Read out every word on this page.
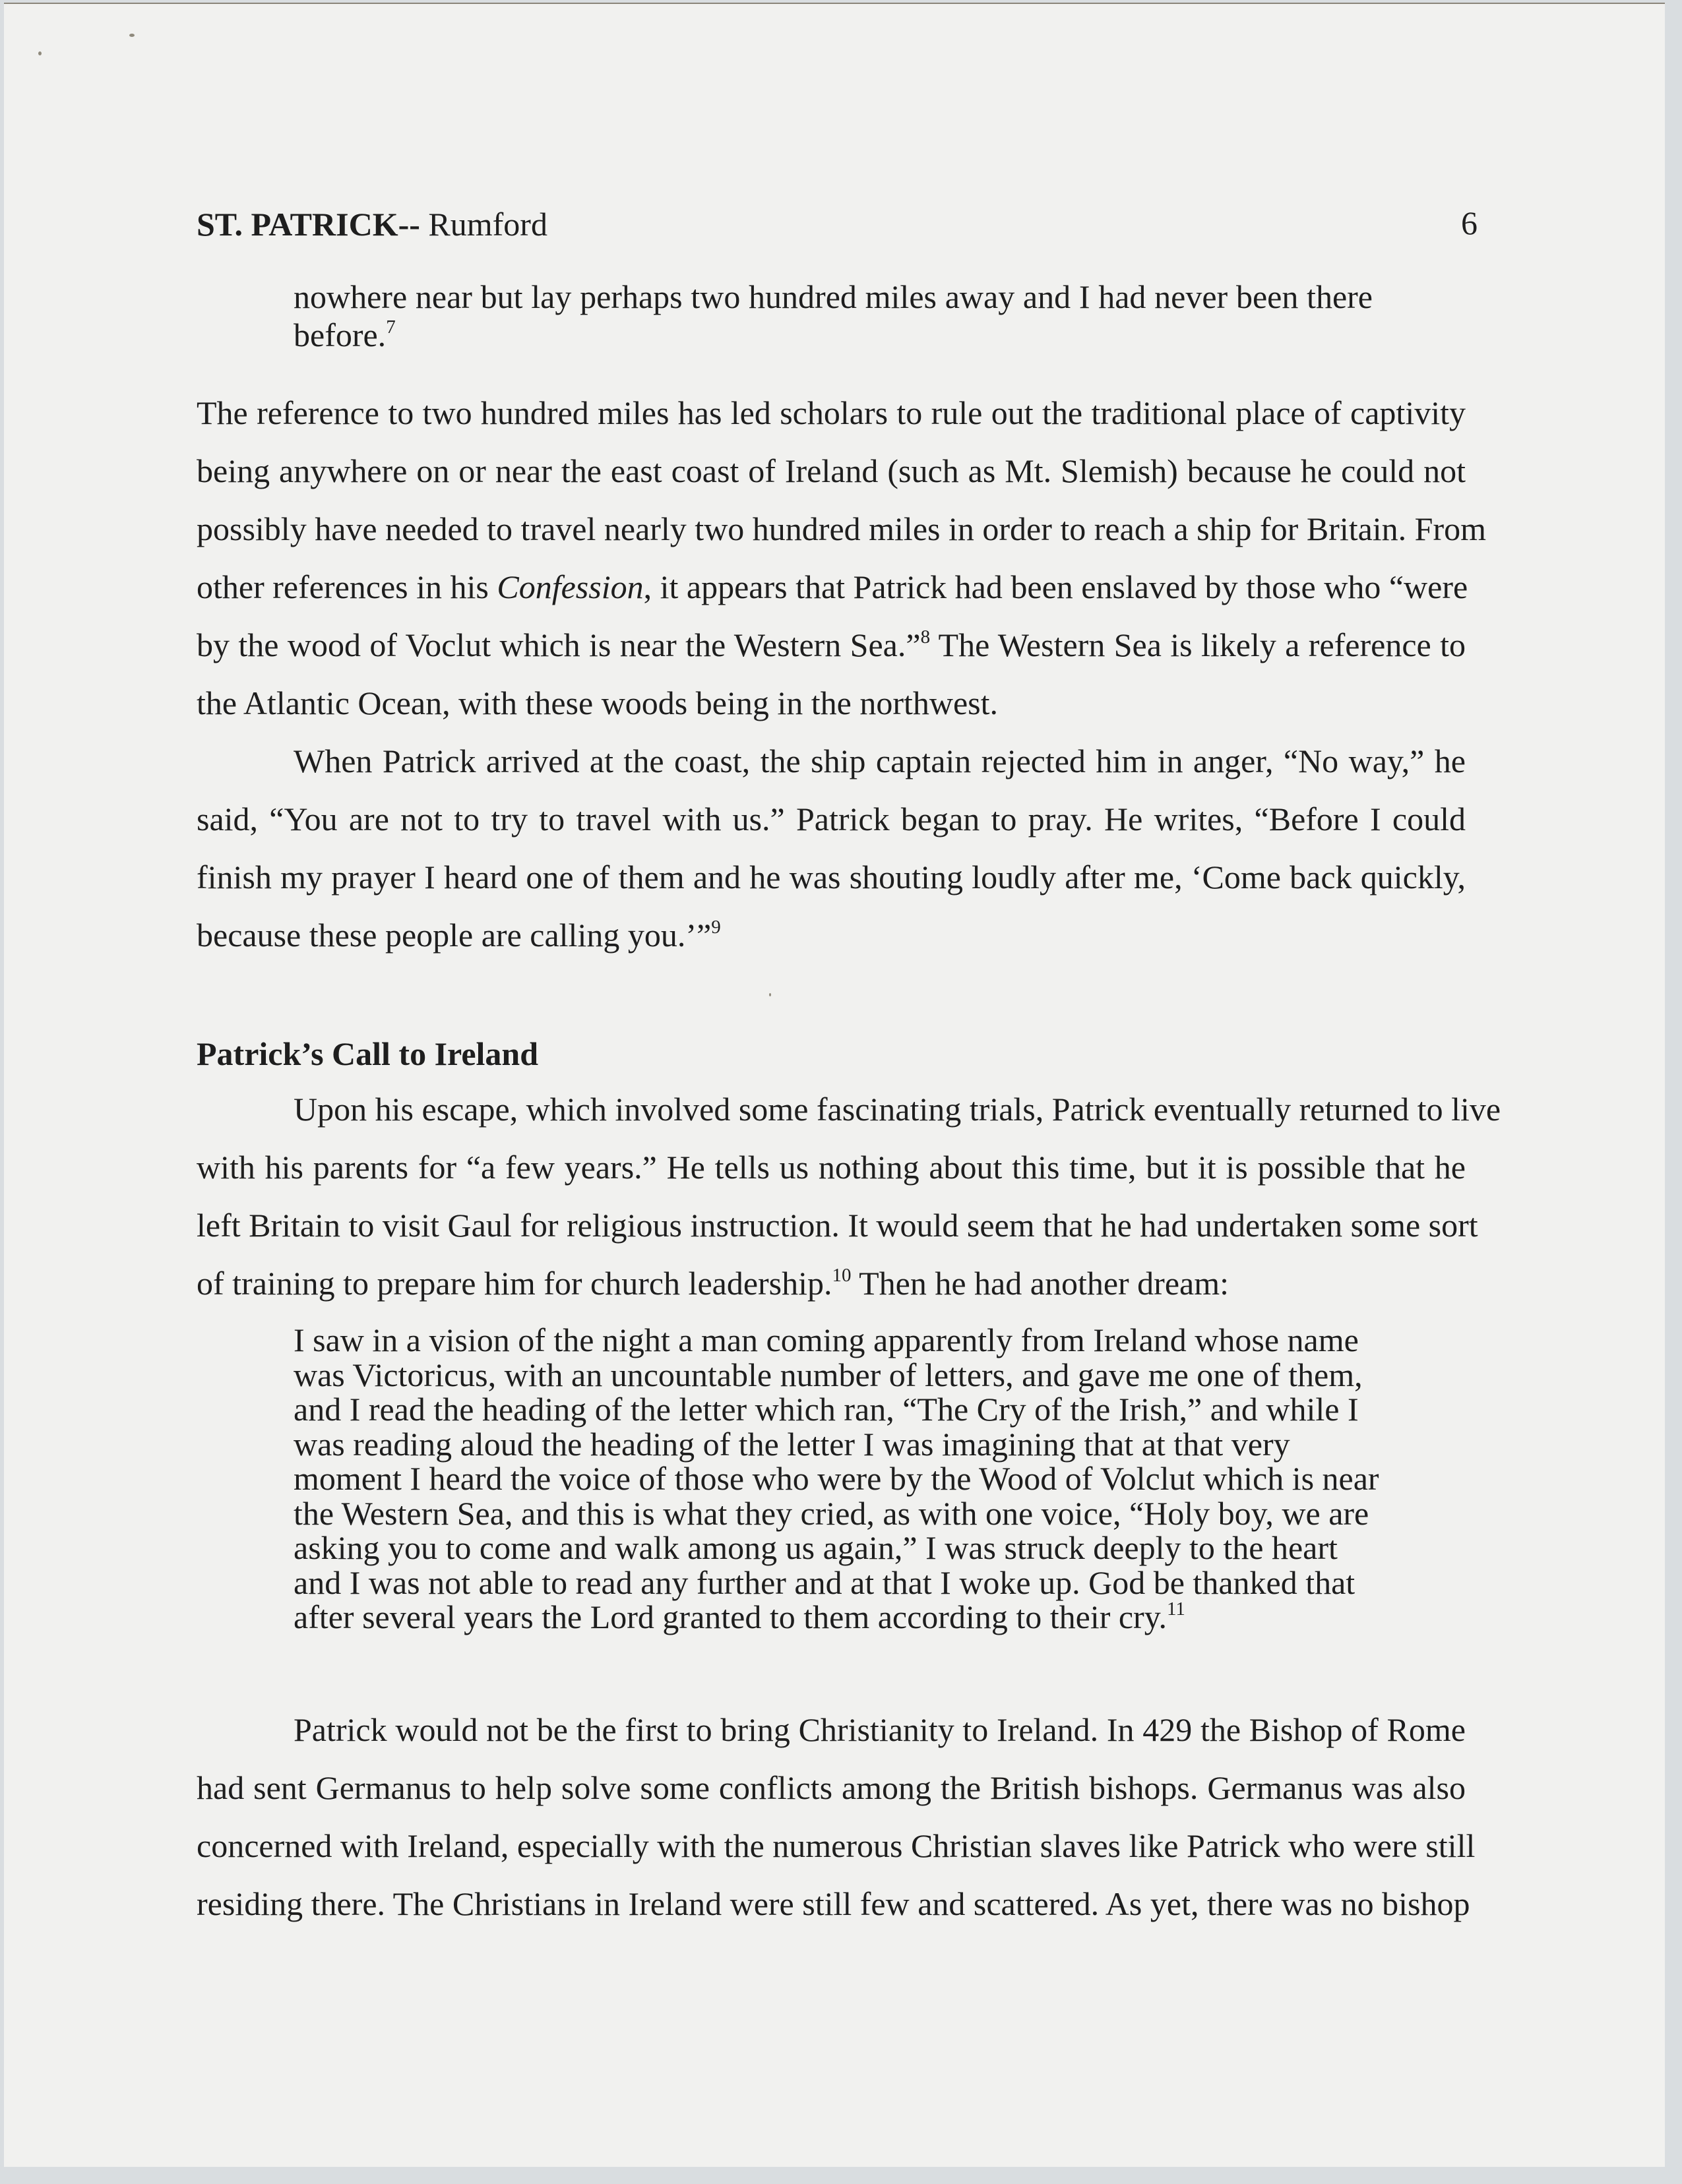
ST. PATRICK-- Rumford	6
nowhere near but lay perhaps two hundred miles away and I had never been there
before.$^7$
The reference to two hundred miles has led scholars to rule out the traditional place of captivity
being anywhere on or near the east coast of Ireland (such as Mt. Slemish) because he could not
possibly have needed to travel nearly two hundred miles in order to reach a ship for Britain. From
other references in his Confession, it appears that Patrick had been enslaved by those who “were
by the wood of Voclut which is near the Western Sea.”$^8$ The Western Sea is likely a reference to
the Atlantic Ocean, with these woods being in the northwest.
When Patrick arrived at the coast, the ship captain rejected him in anger, “No way,” he
said, “You are not to try to travel with us.” Patrick began to pray. He writes, “Before I could
finish my prayer I heard one of them and he was shouting loudly after me, ‘Come back quickly,
because these people are calling you.’”$^9$
Patrick’s Call to Ireland
Upon his escape, which involved some fascinating trials, Patrick eventually returned to live
with his parents for “a few years.” He tells us nothing about this time, but it is possible that he
left Britain to visit Gaul for religious instruction. It would seem that he had undertaken some sort
of training to prepare him for church leadership.$^{10}$ Then he had another dream:
I saw in a vision of the night a man coming apparently from Ireland whose name
was Victoricus, with an uncountable number of letters, and gave me one of them,
and I read the heading of the letter which ran, “The Cry of the Irish,” and while I
was reading aloud the heading of the letter I was imagining that at that very
moment I heard the voice of those who were by the Wood of Volclut which is near
the Western Sea, and this is what they cried, as with one voice, “Holy boy, we are
asking you to come and walk among us again,” I was struck deeply to the heart
and I was not able to read any further and at that I woke up. God be thanked that
after several years the Lord granted to them according to their cry.$^{11}$
Patrick would not be the first to bring Christianity to Ireland. In 429 the Bishop of Rome
had sent Germanus to help solve some conflicts among the British bishops. Germanus was also
concerned with Ireland, especially with the numerous Christian slaves like Patrick who were still
residing there. The Christians in Ireland were still few and scattered. As yet, there was no bishop
